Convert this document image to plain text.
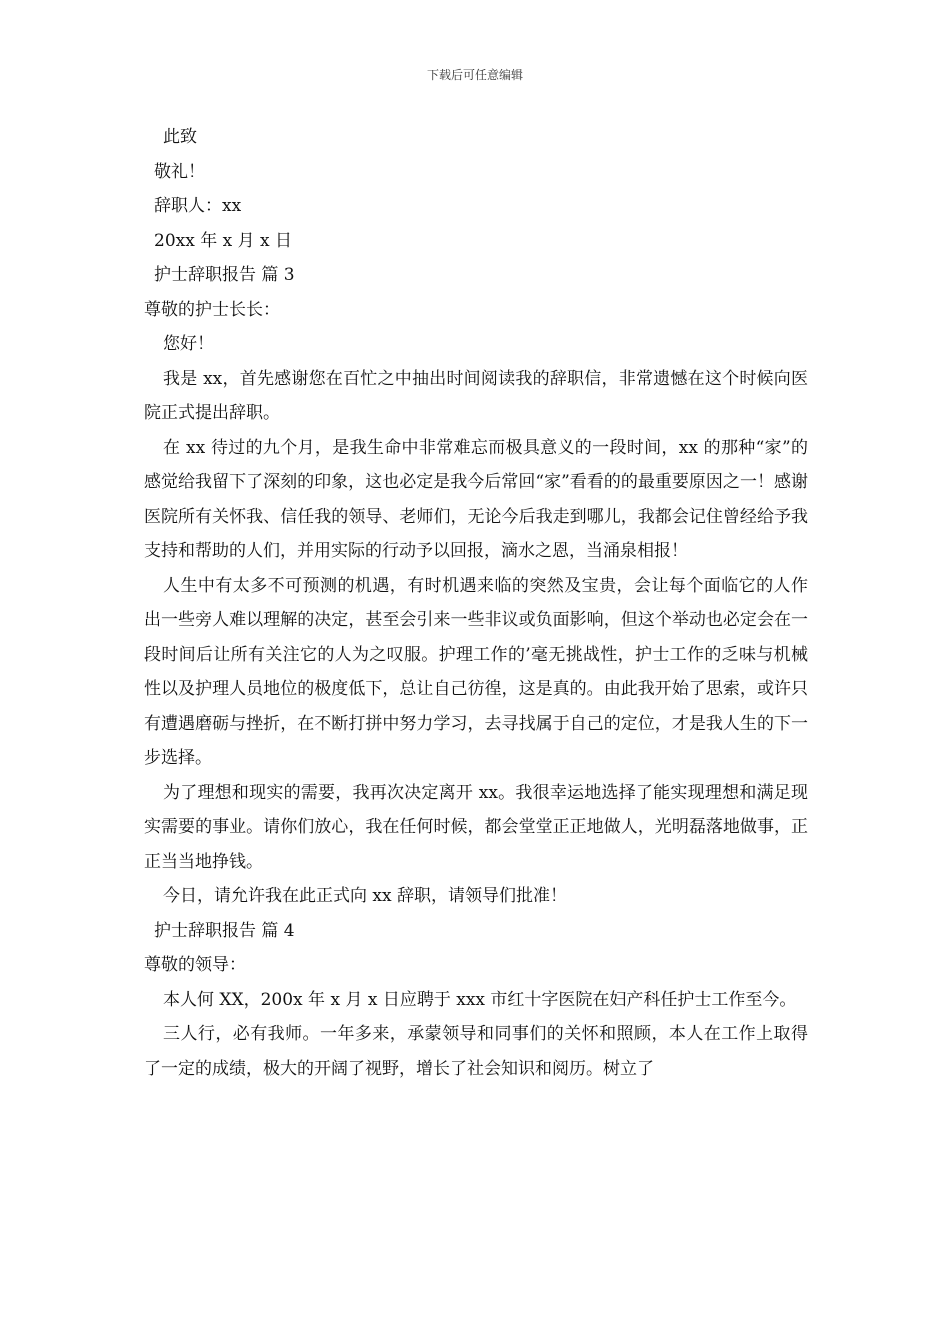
下载后可任意编辑
此致
敬礼！
辞职人：xx
20xx 年 x 月 x 日
护士辞职报告 篇 3
尊敬的护士长长：
您好！
我是 xx，首先感谢您在百忙之中抽出时间阅读我的辞职信，非常遗憾在这个时候向医院正式提出辞职。
在 xx 待过的九个月，是我生命中非常难忘而极具意义的一段时间，xx 的那种“家”的感觉给我留下了深刻的印象，这也必定是我今后常回“家”看看的的最重要原因之一！感谢医院所有关怀我、信任我的领导、老师们，无论今后我走到哪儿，我都会记住曾经给予我支持和帮助的人们，并用实际的行动予以回报，滴水之恩，当涌泉相报！
人生中有太多不可预测的机遇，有时机遇来临的突然及宝贵，会让每个面临它的人作出一些旁人难以理解的决定，甚至会引来一些非议或负面影响，但这个举动也必定会在一段时间后让所有关注它的人为之叹服。护理工作的’毫无挑战性，护士工作的乏味与机械性以及护理人员地位的极度低下，总让自己彷徨，这是真的。由此我开始了思索，或许只有遭遇磨砺与挫折，在不断打拼中努力学习，去寻找属于自己的定位，才是我人生的下一步选择。
为了理想和现实的需要，我再次决定离开 xx。我很幸运地选择了能实现理想和满足现实需要的事业。请你们放心，我在任何时候，都会堂堂正正地做人，光明磊落地做事，正正当当地挣钱。
今日，请允许我在此正式向 xx 辞职，请领导们批准！
护士辞职报告 篇 4
尊敬的领导：
本人何 XX，200x 年 x 月 x 日应聘于 xxx 市红十字医院在妇产科任护士工作至今。
三人行，必有我师。一年多来，承蒙领导和同事们的关怀和照顾，本人在工作上取得了一定的成绩，极大的开阔了视野，增长了社会知识和阅历。树立了
